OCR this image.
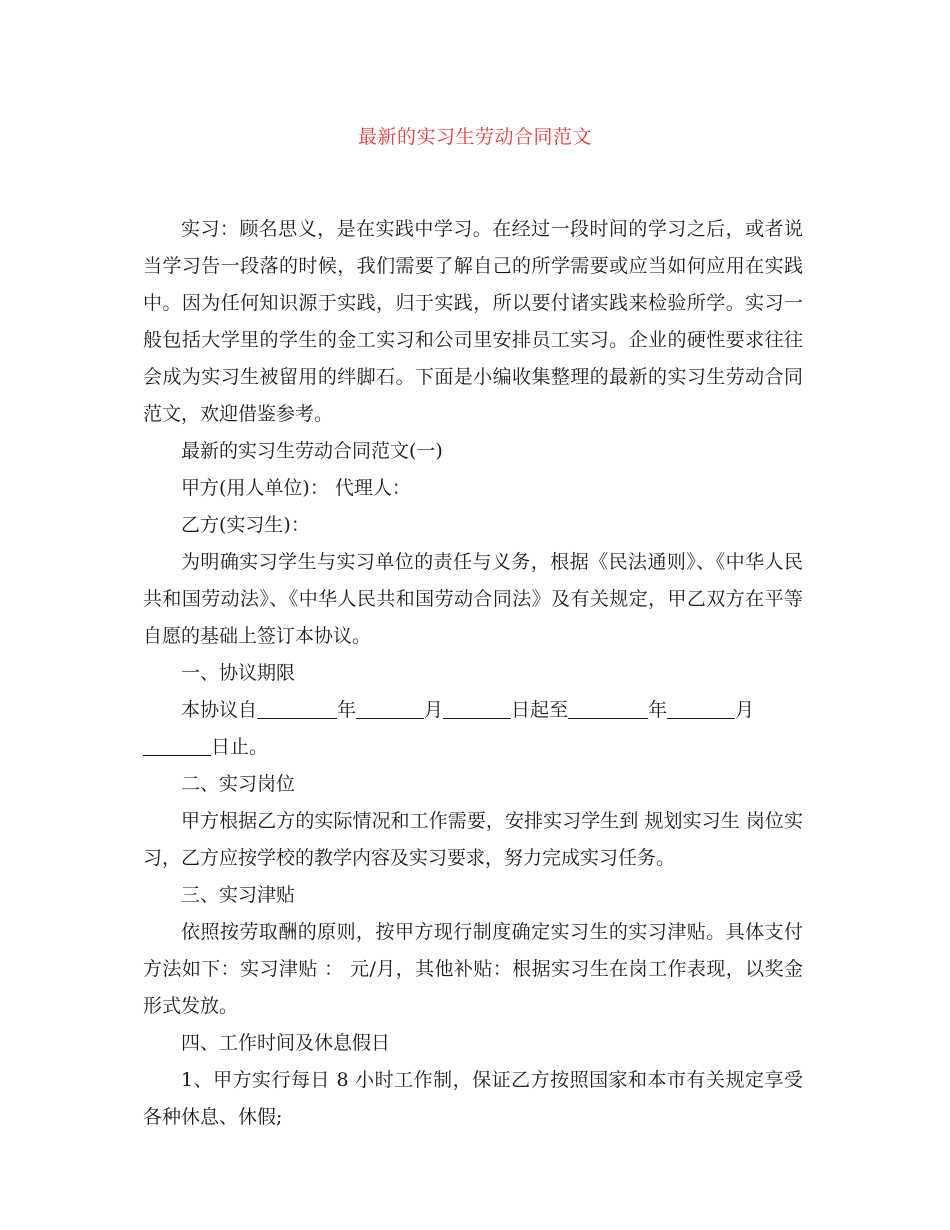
最新的实习生劳动合同范文

实习：顾名思义，是在实践中学习。在经过一段时间的学习之后，或者说当学习告一段落的时候，我们需要了解自己的所学需要或应当如何应用在实践中。因为任何知识源于实践，归于实践，所以要付诸实践来检验所学。实习一般包括大学里的学生的金工实习和公司里安排员工实习。企业的硬性要求往往会成为实习生被留用的绊脚石。下面是小编收集整理的最新的实习生劳动合同范文，欢迎借鉴参考。

最新的实习生劳动合同范文(一)

甲方(用人单位)： 代理人：

乙方(实习生)：

为明确实习学生与实习单位的责任与义务，根据《民法通则》、《中华人民共和国劳动法》、《中华人民共和国劳动合同法》及有关规定，甲乙双方在平等自愿的基础上签订本协议。

一、协议期限

本协议自	年	月	日起至	年	月
日止。

二、实习岗位

甲方根据乙方的实际情况和工作需要，安排实习学生到 规划实习生 岗位实习，乙方应按学校的教学内容及实习要求，努力完成实习任务。

三、实习津贴

依照按劳取酬的原则，按甲方现行制度确定实习生的实习津贴。具体支付方法如下：实习津贴 ： 元/月，其他补贴：根据实习生在岗工作表现，以奖金形式发放。

四、工作时间及休息假日

1、甲方实行每日 8 小时工作制，保证乙方按照国家和本市有关规定享受各种休息、休假;
